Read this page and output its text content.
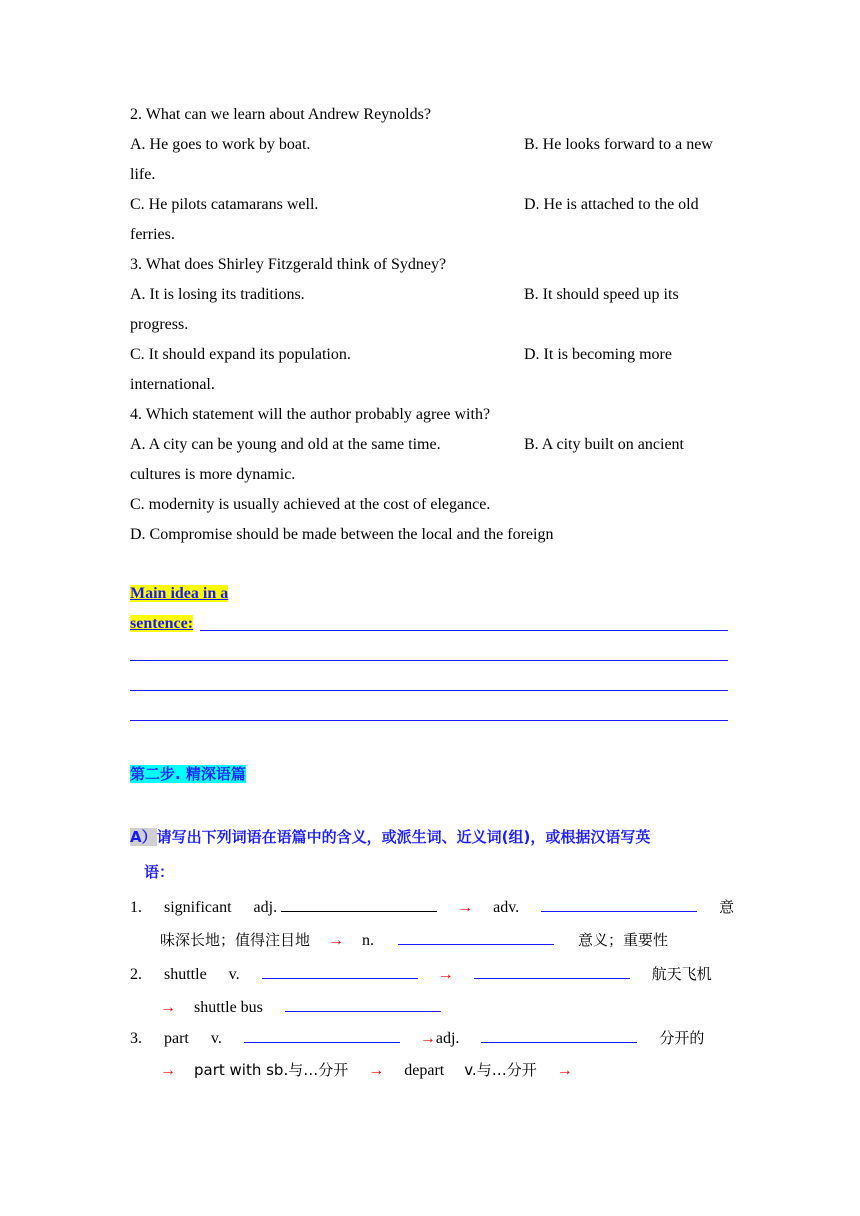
2. What can we learn about Andrew Reynolds?
A. He goes to work by boat.	B. He looks forward to a new
life.
C. He pilots catamarans well.	D. He is attached to the old
ferries.
3. What does Shirley Fitzgerald think of Sydney?
A. It is losing its traditions.	B. It should speed up its
progress.
C. It should expand its population.	D. It is becoming more
international.
4. Which statement will the author probably agree with?
A. A city can be young and old at the same time.	B. A city built on ancient
cultures is more dynamic.
C. modernity is usually achieved at the cost of elegance.
D. Compromise should be made between the local and the foreign
Main idea in a
sentence:
第二步. 精深语篇
A）请写出下列词语在语篇中的含义，或派生词、近义词(组)，或根据汉语写英
语：
1. significant adj.	→ adv.	意
味深长地；值得注目地 → n.	意义；重要性
2. shuttle v.	→	航天飞机
→ shuttle bus
3. part v.	→adj.	分开的
→ part with sb.与…分开 → depart v.与…分开 →
